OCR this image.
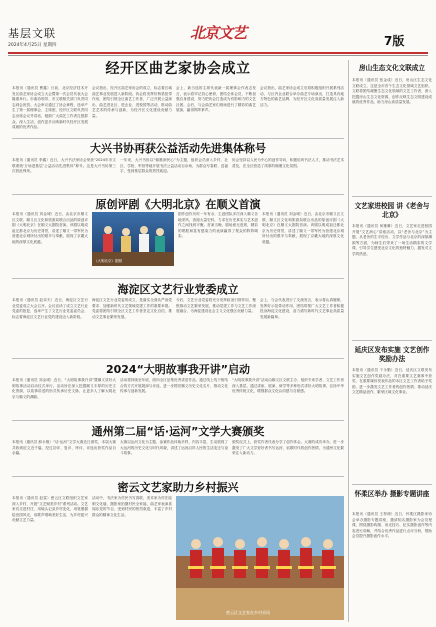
基层文联
2024年4月25日 星期四
北京文艺	7版
经开区曲艺家协会成立
本报讯（通讯员 曹鑫）日前，北京经济技术开发区曲艺家协会成立大会暨第一次会员代表大会隆重举行。市曲协领导、市文联相关部门负责同志到会祝贺。大会审议通过了协会章程，选举产生了第一届理事会、主席团，经开区文联负责同志出席会议并讲话，勉励广大曲艺工作者扎根群众、深入生活，创作更多反映新时代经开区发展成就的优秀作品。
会议指出，经开区曲艺家协会的成立，标志着区域曲艺事业发展进入新阶段。协会将发挥好桥梁纽带作用，团结引领全区曲艺工作者，广泛开展公益演出、曲艺进社区、进企业、进校园等活动，推动曲艺艺术的传承与创新，为经开区文化建设贡献力量。
会上，新当选的主席代表新一届理事会作表态发言，表示将牢记初心使命，团结全体会员，不断加强自身建设，努力把协会打造成为有影响力的文艺社团。会后，与会曲艺家们现场进行了精彩的曲艺展演，赢得阵阵掌声。
会议指出，曲艺家协会成立后将积极组织开展系列活动，与区内企业联合举办曲艺专场演出，打造具有地方特色的曲艺品牌，为经开区文化高质量发展注入新活力。
大兴书协再获公益活动先进集体称号
本报讯（通讯员 李鑫）近日，大兴书法家协会荣获“2024年市文联系统‘万场进基层’公益活动先进集体”称号。这是大兴书协第三次获此殊荣。
一年来，大兴书协以“翰墨润民心”为主题，组织会员深入乡村、社区、学校、军营等地开展书法公益活动百余场，为群众写春联、送福字，受到基层群众的热烈欢迎。
协会坚持以人民为中心的创作导向，积极培育书法人才，推动书法艺术普及，在全区营造了浓厚的翰墨文化氛围。
原创评剧《大明北京》在顺义首演
本报讯（通讯员 刘金城）近日，由北京市顺义区文联、顺义区文化和旅游局联合出品的原创评剧《大明北京》在顺义大剧院首演。该剧以明成祖迁都北京为历史背景，讲述了顺义一带军民为营建北京城所付出的艰辛与奉献，展现了京畿大地的深厚文化底蕴。
《大明北京》剧照
剧作创作历时一年有余，主创团队多次深入顺义各地采风，查阅大量史料，力求在历史真实与艺术创作之间找到平衡。首演当晚，剧场座无虚席，精彩的唱腔和富有感染力的表演赢得了观众的阵阵喝彩。
本报讯（通讯员 刘金城）近日，由北京市顺义区文联、顺义区文化和旅游局联合出品的原创评剧《大明北京》在顺义大剧院首演。该剧以明成祖迁都北京为历史背景，讲述了顺义一带军民为营建北京城所付出的艰辛与奉献，展现了京畿大地的深厚文化底蕴。
海淀区文艺行业党委成立
本报讯（通讯员 赵卓夫）近日，海淀区文艺行业党委成立大会召开。会议宣读了成立文艺行业党委的批复，选举产生了文艺行业党委委员会，标志着海淀区文艺行业党的建设迈入新阶段。
海淀区文艺行业党委的成立，是落实全面从严治党要求、加强新时代文艺领域党建工作的重要举措。党委将团结引领全区文艺工作者坚定文化自信，推动文艺事业繁荣发展。
今后，文艺行业党委将充分发挥政治引领作用，聚焦推动文艺繁荣发展，推动党建工作与文艺工作深度融合，为海淀建设社会主义文化强区贡献力量。
会上，与会代表进行了交流发言，表示将认真履职，发挥好示范带动作用，团结带领广大文艺工作者积极投身海淀文化建设，奋力谱写新时代文艺事业高质量发展新篇章。
2024“大明故事我开讲”启动
本报讯（通讯员 刘金城）近日，“大明故事我开讲”暨顺义讲好大明故事活动启动仪式举行。活动旨在深入挖掘顺义丰厚的历史文化资源，以故事讲述的形式传承历史文脉，让更多人了解大明北京与顺义的渊源。
活动将持续至年底，面向全区征集优秀讲述作品，通过线上线下相结合的方式开展展演与评选，进一步擦亮顺义历史文化名片，推动文化传承与创新发展。
“大明故事我开讲”活动由顺义区文联主办，组织专家学者、文艺工作者深入基层，通过讲座、展演、研学等多种形式讲好大明故事，弘扬中华优秀传统文化，增强群众文化认同感与自豪感。
通州第二届“话·运河”文学大赛颁奖
本报讯（通讯员 薛永舰）“话·运河”文学大赛近日颁奖，本届大赛共收到征文近千篇，经过初评、复评、终评，评选出获奖作品百余篇。
大赛以运河文化为主题，参赛作品体裁多样，内容丰富，生动展现了大运河的历史文化与时代风貌，讲述了运河沿岸人民的生活变迁与奋斗故事。
颁奖仪式上，获奖作者代表分享了创作体会。大赛的成功举办，进一步激发了广大文学爱好者书写运河、讴歌时代的创作热情，为通州文化繁荣注入新动力。
密云文艺家助力乡村振兴
本报讯（通讯员 赵雷）密云区文联组织文艺家深入乡村，开展“文艺赋美乡村”系列活动。文艺家们走进村庄，用镜头记录乡村变化，用笔墨描绘田园风光，用歌声唱响美好生活，为乡村振兴贡献文艺力量。
活动中，书法家为村民书写春联，美术家为村庄绘制文化墙，摄影家拍摄村民全家福，曲艺家表演喜闻乐见的节目，受到村民的热烈欢迎，丰富了乡村群众的精神文化生活。
密云区文艺家在乡村采风
房山生态文化文联成立
本报讯（通讯员 张金成）近日，房山区生态文化文联成立，这是全市首个生态文化领域文艺组织。文联将团结凝聚生态文化领域的文艺工作者，深入挖掘房山生态文化资源，创作反映生态文明建设成就的优秀作品，助力房山高质量发展。
文艺家进校园 讲《老舍与北京》
本报讯（通讯员 何雅琳）近日，文艺家走进校园开展“文艺润心”讲座活动，以“老舍与北京”为主题，从老舍的生平经历、文学作品与北京的深厚渊源等方面，为师生们带来了一场生动精彩的文学课，引导学生感受北京文化的独特魅力，激发对文学的热爱。
延庆区发布实施 文艺创作奖励办法
本报讯（通讯员 于永勤）近日，延庆区文联发布实施文艺创作奖励办法，对在重要文艺赛事中获奖、在重要媒体发表作品的本区文艺工作者给予奖励，进一步激发文艺工作者的创作热情，推动延庆文艺精品创作，繁荣区域文化事业。
怀柔区举办 摄影专题讲座
本报讯（通讯员 王梓颜）近日，怀柔区摄影家协会举办摄影专题讲座，邀请知名摄影家为会员授课，围绕摄影构图、用光技巧、纪实摄影创作等内容进行讲解，并结合优秀作品进行点评分析，帮助会员提升摄影创作水平。
